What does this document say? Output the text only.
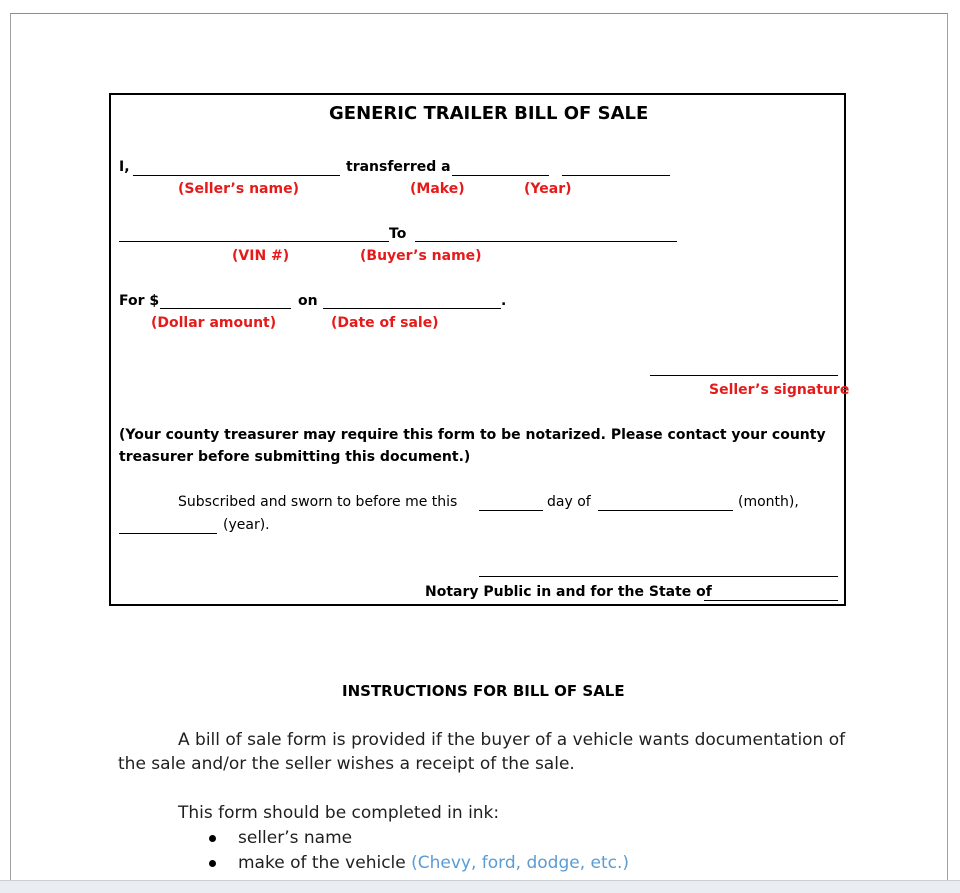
GENERIC TRAILER BILL OF SALE
I,	transferred a
(Seller’s name)	(Make)	(Year)
To
(VIN #)	(Buyer’s name)
For $	on	.
(Dollar amount)	(Date of sale)
Seller’s signature
(Your county treasurer may require this form to be notarized. Please contact your county
treasurer before submitting this document.)
Subscribed and sworn to before me this	day of	(month),
(year).
Notary Public in and for the State of
INSTRUCTIONS FOR BILL OF SALE
A bill of sale form is provided if the buyer of a vehicle wants documentation of
the sale and/or the seller wishes a receipt of the sale.
This form should be completed in ink:
seller’s name
make of the vehicle (Chevy, ford, dodge, etc.)
